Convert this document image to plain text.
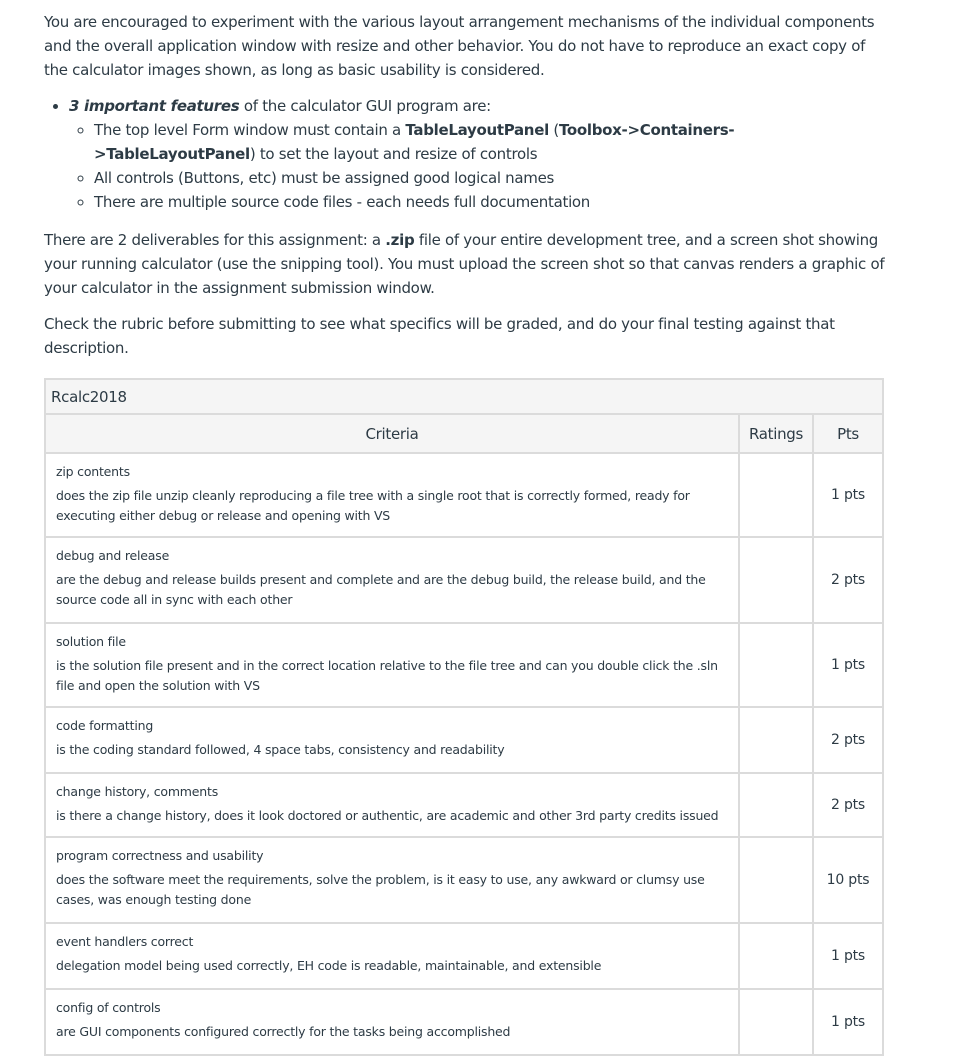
You are encouraged to experiment with the various layout arrangement mechanisms of the individual components and the overall application window with resize and other behavior. You do not have to reproduce an exact copy of the calculator images shown, as long as basic usability is considered.

• 3 important features of the calculator GUI program are:
◦ The top level Form window must contain a TableLayoutPanel (Toolbox->Containers->TableLayoutPanel) to set the layout and resize of controls
◦ All controls (Buttons, etc) must be assigned good logical names
◦ There are multiple source code files - each needs full documentation

There are 2 deliverables for this assignment: a .zip file of your entire development tree, and a screen shot showing your running calculator (use the snipping tool). You must upload the screen shot so that canvas renders a graphic of your calculator in the assignment submission window.

Check the rubric before submitting to see what specifics will be graded, and do your final testing against that description.

Rcalc2018		
Criteria	Ratings	Pts

zip contents
does the zip file unzip cleanly reproducing a file tree with a single root that is correctly formed, ready for executing either debug or release and opening with VS		1 pts

debug and release
are the debug and release builds present and complete and are the debug build, the release build, and the source code all in sync with each other		2 pts

solution file
is the solution file present and in the correct location relative to the file tree and can you double click the .sln file and open the solution with VS		1 pts

code formatting
is the coding standard followed, 4 space tabs, consistency and readability		2 pts

change history, comments
is there a change history, does it look doctored or authentic, are academic and other 3rd party credits issued		2 pts

program correctness and usability
does the software meet the requirements, solve the problem, is it easy to use, any awkward or clumsy use cases, was enough testing done		10 pts

event handlers correct
delegation model being used correctly, EH code is readable, maintainable, and extensible		1 pts

config of controls
are GUI components configured correctly for the tasks being accomplished		1 pts
